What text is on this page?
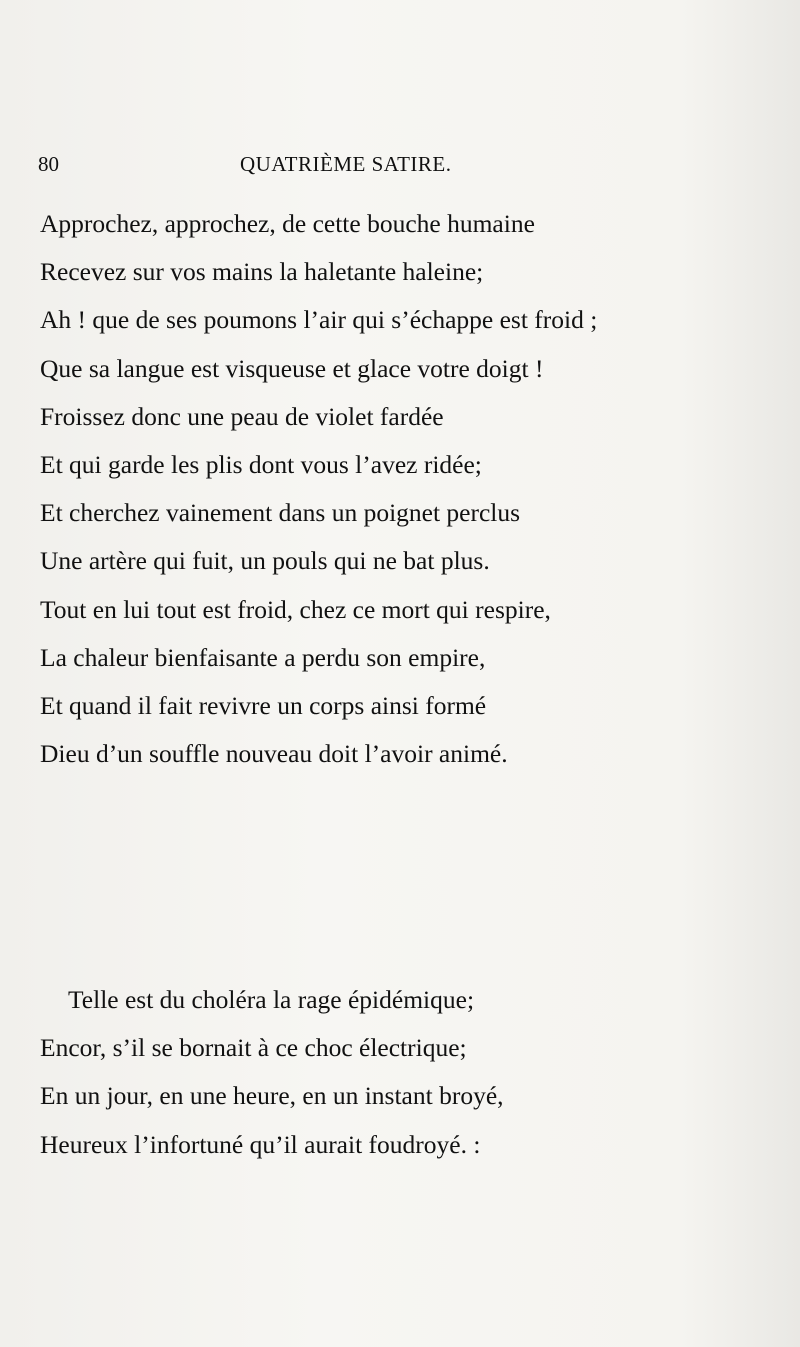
80	QUATRIÈME SATIRE.
Approchez, approchez, de cette bouche humaine
Recevez sur vos mains la haletante haleine;
Ah ! que de ses poumons l’air qui s’échappe est froid ;
Que sa langue est visqueuse et glace votre doigt !
Froissez donc une peau de violet fardée
Et qui garde les plis dont vous l’avez ridée;
Et cherchez vainement dans un poignet perclus
Une artère qui fuit, un pouls qui ne bat plus.
Tout en lui tout est froid, chez ce mort qui respire,
La chaleur bienfaisante a perdu son empire,
Et quand il fait revivre un corps ainsi formé
Dieu d’un souffle nouveau doit l’avoir animé.
Telle est du choléra la rage épidémique;
Encor, s’il se bornait à ce choc électrique;
En un jour, en une heure, en un instant broyé,
Heureux l’infortuné qu’il aurait foudroyé. :
